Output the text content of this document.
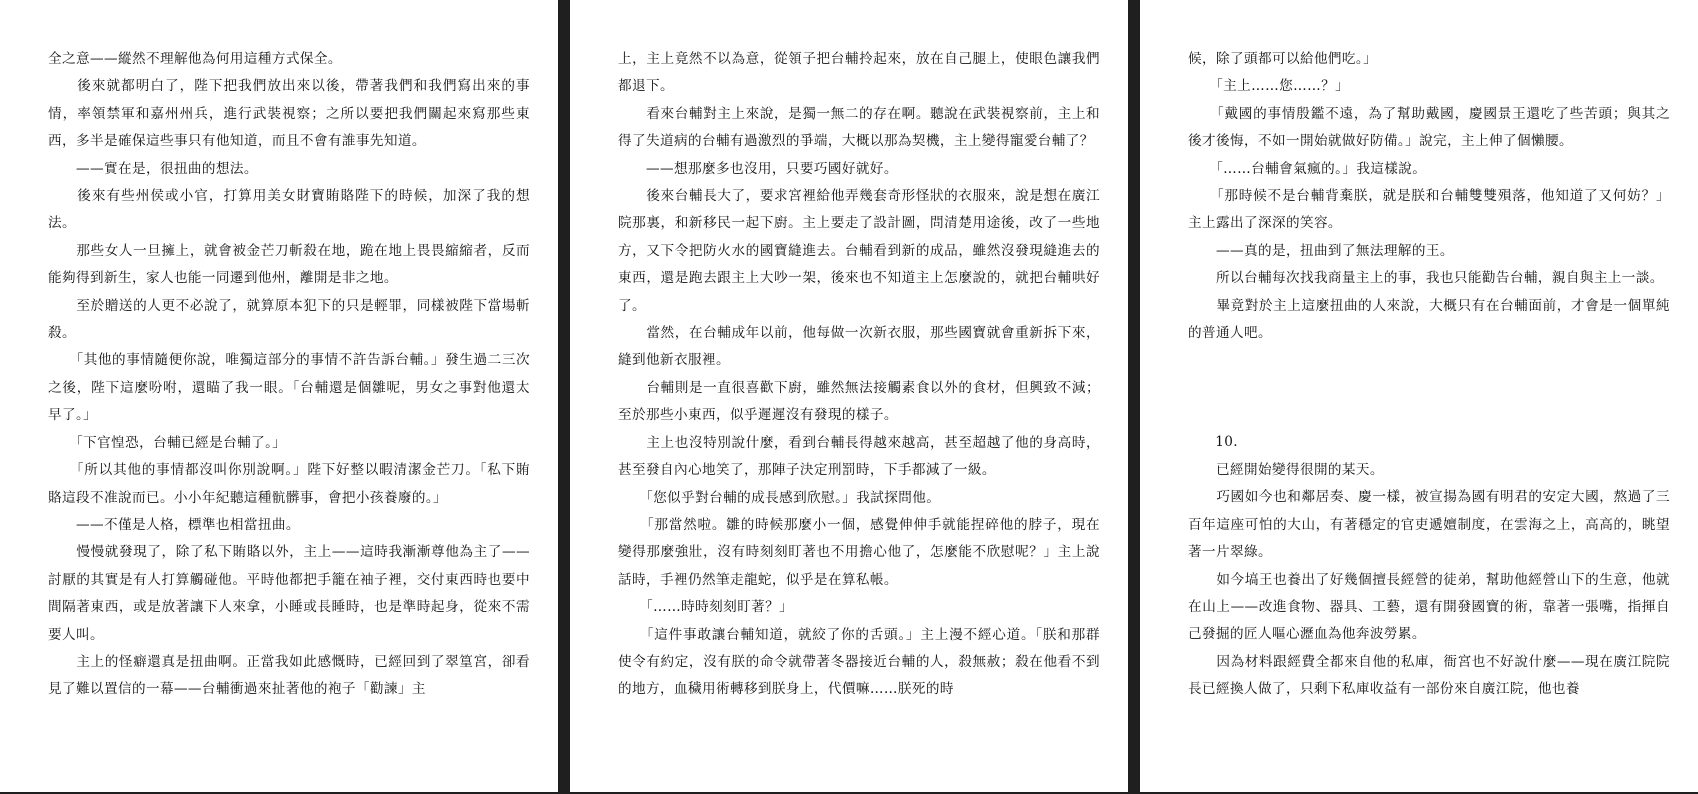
全之意——縱然不理解他為何用這種方式保全。

　　後來就都明白了，陛下把我們放出來以後，帶著我們和我們寫出來的事情，率領禁軍和嘉州州兵，進行武裝視察；之所以要把我們關起來寫那些東西，多半是確保這些事只有他知道，而且不會有誰事先知道。

　　——實在是，很扭曲的想法。

　　後來有些州侯或小官，打算用美女財寶賄賂陛下的時候，加深了我的想法。

　　那些女人一旦擁上，就會被金芒刀斬殺在地，跪在地上畏畏縮縮者，反而能夠得到新生，家人也能一同遷到他州，離開是非之地。

　　至於贈送的人更不必說了，就算原本犯下的只是輕罪，同樣被陛下當場斬殺。

　　「其他的事情隨便你說，唯獨這部分的事情不許告訴台輔。」發生過二三次之後，陛下這麼吩咐，還瞄了我一眼。「台輔還是個雛呢，男女之事對他還太早了。」

　　「下官惶恐，台輔已經是台輔了。」

　　「所以其他的事情都沒叫你別說啊。」陛下好整以暇清潔金芒刀。「私下賄賂這段不准說而已。小小年紀聽這種骯髒事，會把小孩養廢的。」

　　——不僅是人格，標準也相當扭曲。

　　慢慢就發現了，除了私下賄賂以外，主上——這時我漸漸尊他為主了——討厭的其實是有人打算觸碰他。平時他都把手籠在袖子裡，交付東西時也要中間隔著東西，或是放著讓下人來拿，小睡或長睡時，也是準時起身，從來不需要人叫。

　　主上的怪癖還真是扭曲啊。正當我如此感慨時，已經回到了翠篁宮，卻看見了難以置信的一幕——台輔衝過來扯著他的袍子「勸諫」主

上，主上竟然不以為意，從領子把台輔拎起來，放在自己腿上，使眼色讓我們都退下。

　　看來台輔對主上來說，是獨一無二的存在啊。聽說在武裝視察前，主上和得了失道病的台輔有過激烈的爭端，大概以那為契機，主上變得寵愛台輔了？

　　——想那麼多也沒用，只要巧國好就好。

　　後來台輔長大了，要求宮裡給他弄幾套奇形怪狀的衣服來，說是想在廣江院那裏，和新移民一起下廚。主上要走了設計圖，問清楚用途後，改了一些地方，又下令把防火水的國寶縫進去。台輔看到新的成品，雖然沒發現縫進去的東西，還是跑去跟主上大吵一架，後來也不知道主上怎麼說的，就把台輔哄好了。

　　當然，在台輔成年以前，他每做一次新衣服，那些國寶就會重新拆下來，縫到他新衣服裡。

　　台輔則是一直很喜歡下廚，雖然無法接觸素食以外的食材，但興致不減；至於那些小東西，似乎遲遲沒有發現的樣子。

　　主上也沒特別說什麼，看到台輔長得越來越高，甚至超越了他的身高時，甚至發自內心地笑了，那陣子決定刑罰時，下手都減了一級。

　　「您似乎對台輔的成長感到欣慰。」我試探問他。

　　「那當然啦。雛的時候那麼小一個，感覺伸伸手就能捏碎他的脖子，現在變得那麼強壯，沒有時刻刻盯著也不用擔心他了，怎麼能不欣慰呢？」主上說話時，手裡仍然筆走龍蛇，似乎是在算私帳。

　　「……時時刻刻盯著？」

　　「這件事敢讓台輔知道，就絞了你的舌頭。」主上漫不經心道。「朕和那群使令有約定，沒有朕的命令就帶著冬器接近台輔的人，殺無赦；殺在他看不到的地方，血穢用術轉移到朕身上，代價嘛……朕死的時

候，除了頭都可以給他們吃。」

　　「主上……您……？」

　　「戴國的事情殷鑑不遠，為了幫助戴國，慶國景王還吃了些苦頭；與其之後才後悔，不如一開始就做好防備。」說完，主上伸了個懶腰。

　　「……台輔會氣瘋的。」我這樣說。

　　「那時候不是台輔背棄朕，就是朕和台輔雙雙殞落，他知道了又何妨？」主上露出了深深的笑容。

　　——真的是，扭曲到了無法理解的王。

　　所以台輔每次找我商量主上的事，我也只能勸告台輔，親自與主上一談。

　　畢竟對於主上這麼扭曲的人來說，大概只有在台輔面前，才會是一個單純的普通人吧。

10.

　　已經開始變得很開的某天。

　　巧國如今也和鄰居奏、慶一樣，被宣揚為國有明君的安定大國，熬過了三百年這座可怕的大山，有著穩定的官吏遞嬗制度，在雲海之上，高高的，眺望著一片翠綠。

　　如今塙王也養出了好幾個擅長經營的徒弟，幫助他經營山下的生意，他就在山上——改進食物、器具、工藝，還有開發國寶的術，靠著一張嘴，指揮自己發掘的匠人嘔心瀝血為他奔波勞累。

　　因為材料跟經費全都來自他的私庫，衙宮也不好說什麼——現在廣江院院長已經換人做了，只剩下私庫收益有一部份來自廣江院，他也養
